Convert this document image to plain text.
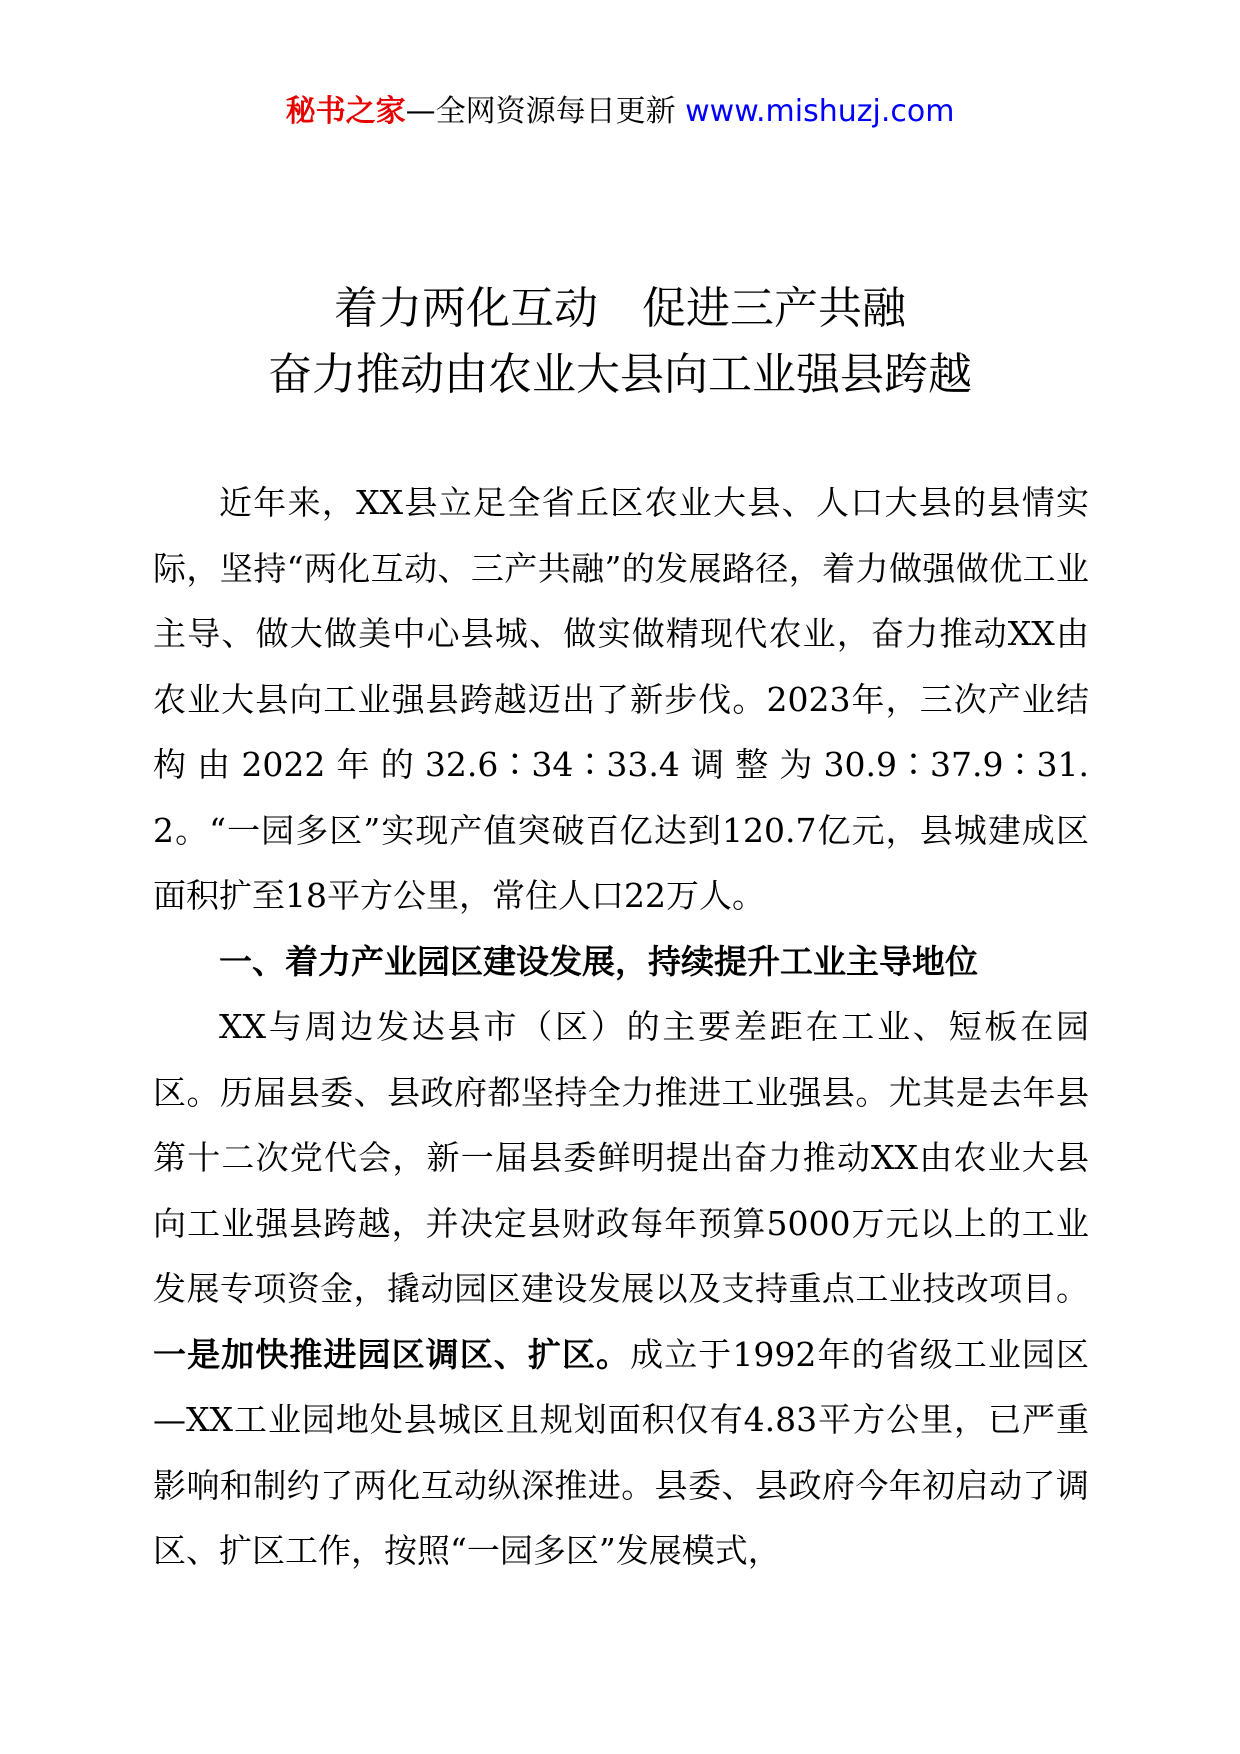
秘书之家—全网资源每日更新 www.mishuzj.com
着力两化互动　促进三产共融
奋力推动由农业大县向工业强县跨越

近年来，XX县立足全省丘区农业大县、人口大县的县情实际，坚持“两化互动、三产共融”的发展路径，着力做强做优工业主导、做大做美中心县城、做实做精现代农业，奋力推动XX由农业大县向工业强县跨越迈出了新步伐。2023年，三次产业结构由2022年的32.6∶34∶33.4调整为30.9∶37.9∶31.2。“一园多区”实现产值突破百亿达到120.7亿元，县城建成区面积扩至18平方公里，常住人口22万人。

一、着力产业园区建设发展，持续提升工业主导地位

XX与周边发达县市（区）的主要差距在工业、短板在园区。历届县委、县政府都坚持全力推进工业强县。尤其是去年县第十二次党代会，新一届县委鲜明提出奋力推动XX由农业大县向工业强县跨越，并决定县财政每年预算5000万元以上的工业发展专项资金，撬动园区建设发展以及支持重点工业技改项目。一是加快推进园区调区、扩区。成立于1992年的省级工业园区—XX工业园地处县城区且规划面积仅有4.83平方公里，已严重影响和制约了两化互动纵深推进。县委、县政府今年初启动了调区、扩区工作，按照“一园多区”发展模式，
